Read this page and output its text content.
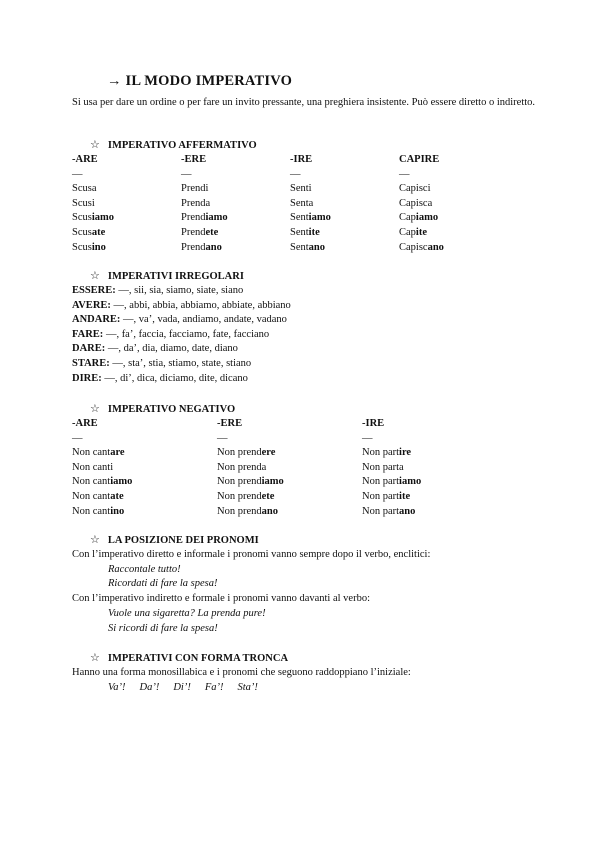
→ IL MODO IMPERATIVO
Si usa per dare un ordine o per fare un invito pressante, una preghiera insistente. Può essere diretto o indiretto.
☆ IMPERATIVO AFFERMATIVO
-ARE	-ERE	-IRE	CAPIRE
—	—	—	—
Scusa	Prendi	Senti	Capisci
Scusi	Prenda	Senta	Capisca
Scusiamo	Prendiamo	Sentiamo	Capiamo
Scusate	Prendete	Sentite	Capite
Scusino	Prendano	Sentano	Capiscano
☆ IMPERATIVI IRREGOLARI
ESSERE: —, sii, sia, siamo, siate, siano
AVERE: —, abbi, abbia, abbiamo, abbiate, abbiano
ANDARE: —, va’, vada, andiamo, andate, vadano
FARE: —, fa’, faccia, facciamo, fate, facciano
DARE: —, da’, dia, diamo, date, diano
STARE: —, sta’, stia, stiamo, state, stiano
DIRE: —, di’, dica, diciamo, dite, dicano
☆ IMPERATIVO NEGATIVO
-ARE	-ERE	-IRE
—	—	—
Non cantare	Non prendere	Non partire
Non canti	Non prenda	Non parta
Non cantiamo	Non prendiamo	Non partiamo
Non cantate	Non prendete	Non partite
Non cantino	Non prendano	Non partano
☆ LA POSIZIONE DEI PRONOMI
Con l’imperativo diretto e informale i pronomi vanno sempre dopo il verbo, enclitici:
Raccontale tutto!
Ricordati di fare la spesa!
Con l’imperativo indiretto e formale i pronomi vanno davanti al verbo:
Vuole una sigaretta? La prenda pure!
Si ricordi di fare la spesa!
☆ IMPERATIVI CON FORMA TRONCA
Hanno una forma monosillabica e i pronomi che seguono raddoppiano l’iniziale:
Va’! Da’! Di’! Fa’! Sta’!
